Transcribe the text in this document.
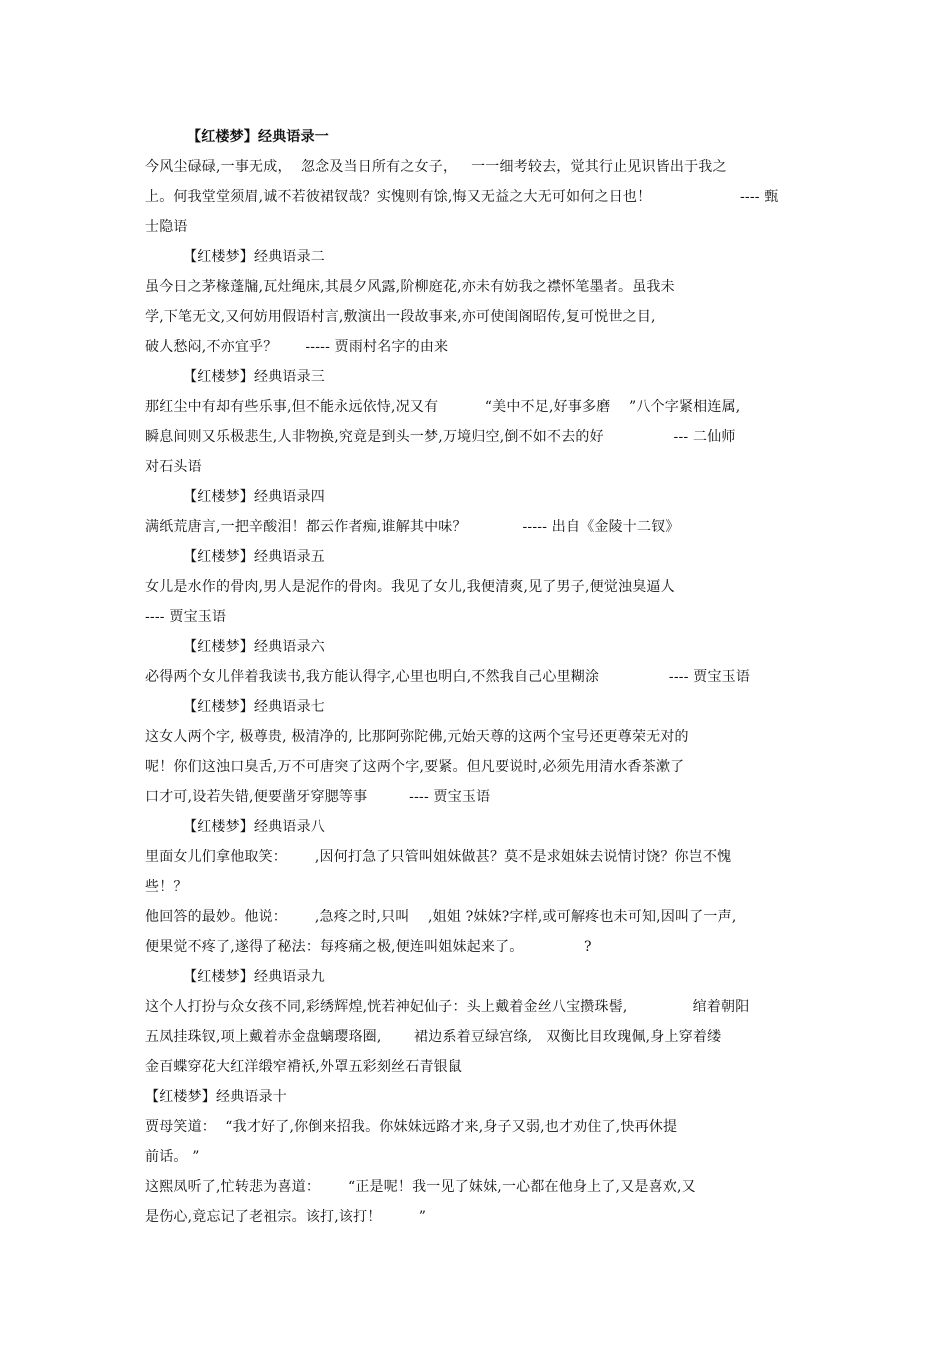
【红楼梦】经典语录一
今风尘碌碌,一事无成，  忽念及当日所有之女子，   一一细考较去，觉其行止见识皆出于我之
上。何我堂堂须眉,诚不若彼裙钗哉？实愧则有馀,悔又无益之大无可如何之日也！	---- 甄
士隐语
【红楼梦】经典语录二
虽今日之茅椽蓬牖,瓦灶绳床,其晨夕风露,阶柳庭花,亦未有妨我之襟怀笔墨者。虽我未
学,下笔无文,又何妨用假语村言,敷演出一段故事来,亦可使闺阁昭传,复可悦世之目,
破人愁闷,不亦宜乎？      ----- 贾雨村名字的由来
【红楼梦】经典语录三
那红尘中有却有些乐事,但不能永远依恃,况又有          “美中不足,好事多磨    ”八个字紧相连属,
瞬息间则又乐极悲生,人非物换,究竟是到头一梦,万境归空,倒不如不去的好               --- 二仙师
对石头语
【红楼梦】经典语录四
满纸荒唐言,一把辛酸泪！都云作者痴,谁解其中味？            ----- 出自《金陵十二钗》
【红楼梦】经典语录五
女儿是水作的骨肉,男人是泥作的骨肉。我见了女儿,我便清爽,见了男子,便觉浊臭逼人
---- 贾宝玉语
【红楼梦】经典语录六
必得两个女儿伴着我读书,我方能认得字,心里也明白,不然我自己心里糊涂               ---- 贾宝玉语
【红楼梦】经典语录七
这女人两个字, 极尊贵, 极清净的, 比那阿弥陀佛,元始天尊的这两个宝号还更尊荣无对的
呢！你们这浊口臭舌,万不可唐突了这两个字,要紧。但凡要说时,必须先用清水香茶漱了
口才可,设若失错,便要凿牙穿腮等事         ---- 贾宝玉语
【红楼梦】经典语录八
里面女儿们拿他取笑：      ,因何打急了只管叫姐妹做甚？莫不是求姐妹去说情讨饶？你岂不愧
些！？
他回答的最妙。他说：      ,急疼之时,只叫    ,姐姐 ?妹妹?字样,或可解疼也未可知,因叫了一声,
便果觉不疼了,遂得了秘法：每疼痛之极,便连叫姐妹起来了。             ?
【红楼梦】经典语录九
这个人打扮与众女孩不同,彩绣辉煌,恍若神妃仙子：头上戴着金丝八宝攒珠髻,              绾着朝阳
五凤挂珠钗,项上戴着赤金盘螭璎珞圈,       裙边系着豆绿宫绦,   双衡比目玫瑰佩,身上穿着缕
金百蝶穿花大红洋缎窄褙袄,外罩五彩刻丝石青银鼠
【红楼梦】经典语录十
贾母笑道：  “我才好了,你倒来招我。你妹妹远路才来,身子又弱,也才劝住了,快再休提
前话。 ”
这熙凤听了,忙转悲为喜道：      “正是呢！我一见了妹妹,一心都在他身上了,又是喜欢,又
是伤心,竟忘记了老祖宗。该打,该打！        ”
